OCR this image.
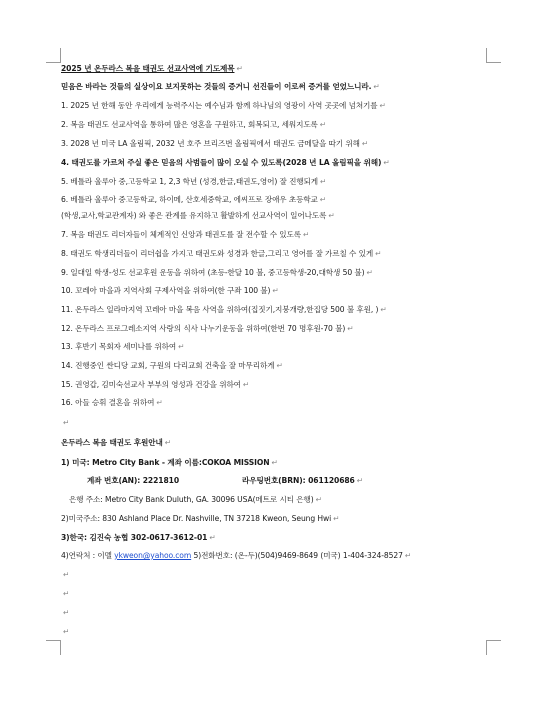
2025 년 온두라스 복음 태권도 선교사역에 기도제목 ↵
믿음은 바라는 것들의 실상이요 보지못하는 것들의 증거니 선진들이 이로써 증거를 얻었느니라. ↵
1. 2025 년 한해 동안 우리에게 능력주시는 예수님과 함께 하나님의 영광이 사역 곳곳에 넘쳐기를 ↵
2. 복음 태권도 선교사역을 통하여 많은 영혼을 구원하고, 회복되고, 세워지도록 ↵
3. 2028 년 미국 LA 올림픽, 2032 년 호주 브리즈번 올림픽에서 태권도 금메달을 따기 위해 ↵
4. 태권도를 가르쳐 주실 좋은 믿음의 사범들이 많이 오실 수 있도록(2028 년 LA 올림픽을 위해) ↵
5. 베틀라 울루아 중,고등학교 1, 2,3 학년 (성경,한글,태권도,영어) 잘 진행되게 ↵
6. 베틀라 울루아 중고등학교, 하이메, 산호세중학교, 에씨프로 장애우 초등학교 ↵
(학생,교사,학교관계자) 와 좋은 관계를 유지하고 활발하게 선교사역이 일어나도록 ↵
7. 복음 태권도 리더자들이 체계적인 신앙과 태권도를 잘 전수할 수 있도록 ↵
8. 태권도 학생리더들이 리더쉽을 가지고 태권도와 성경과 한글,그리고 영어를 잘 가르칠 수 있게 ↵
9. 일대일 학생-성도 선교후원 운동을 위하여 (초등-한달 10 불, 중고등학생-20,대학생 50 불) ↵
10. 꼬레아 마을과 지역사회 구제사역을 위하여(한 구좌 100 불) ↵
11. 온두라스 일라마지역 꼬레아 마을 복음 사역을 위하여(집짓기,지붕개량,한집당 500 불 후원, ) ↵
12. 온두라스 프로그레소지역 사랑의 식사 나누기운동을 위하여(한번 70 명후원-70 불) ↵
13. 후반기 목회자 세미나를 위하여 ↵
14. 진행중인 싼디당 교회, 구원의 다리교회 건축을 잘 마무리하게 ↵
15. 권영갑, 김미숙선교사 부부의 영성과 건강을 위하여 ↵
16. 아들 승휘 결혼을 위하여 ↵
↵
온두라스 복음 태권도 후원안내 ↵
1) 미국: Metro City Bank - 계좌 이름:COKOA MISSION ↵
계좌 번호(AN): 2221810	라우팅번호(BRN): 061120686 ↵
은행 주소: Metro City Bank Duluth, GA. 30096 USA(메트로 시티 은행) ↵
2)미국주소: 830 Ashland Place Dr. Nashville, TN 37218 Kweon, Seung Hwi ↵
3)한국: 김진숙 농협 302-0617-3612-01 ↵
4)연락처 : 이멜 ykweon@yahoo.com 5)전화번호: (온-두)(504)9469-8649 (미국) 1-404-324-8527 ↵
↵
↵
↵
↵
